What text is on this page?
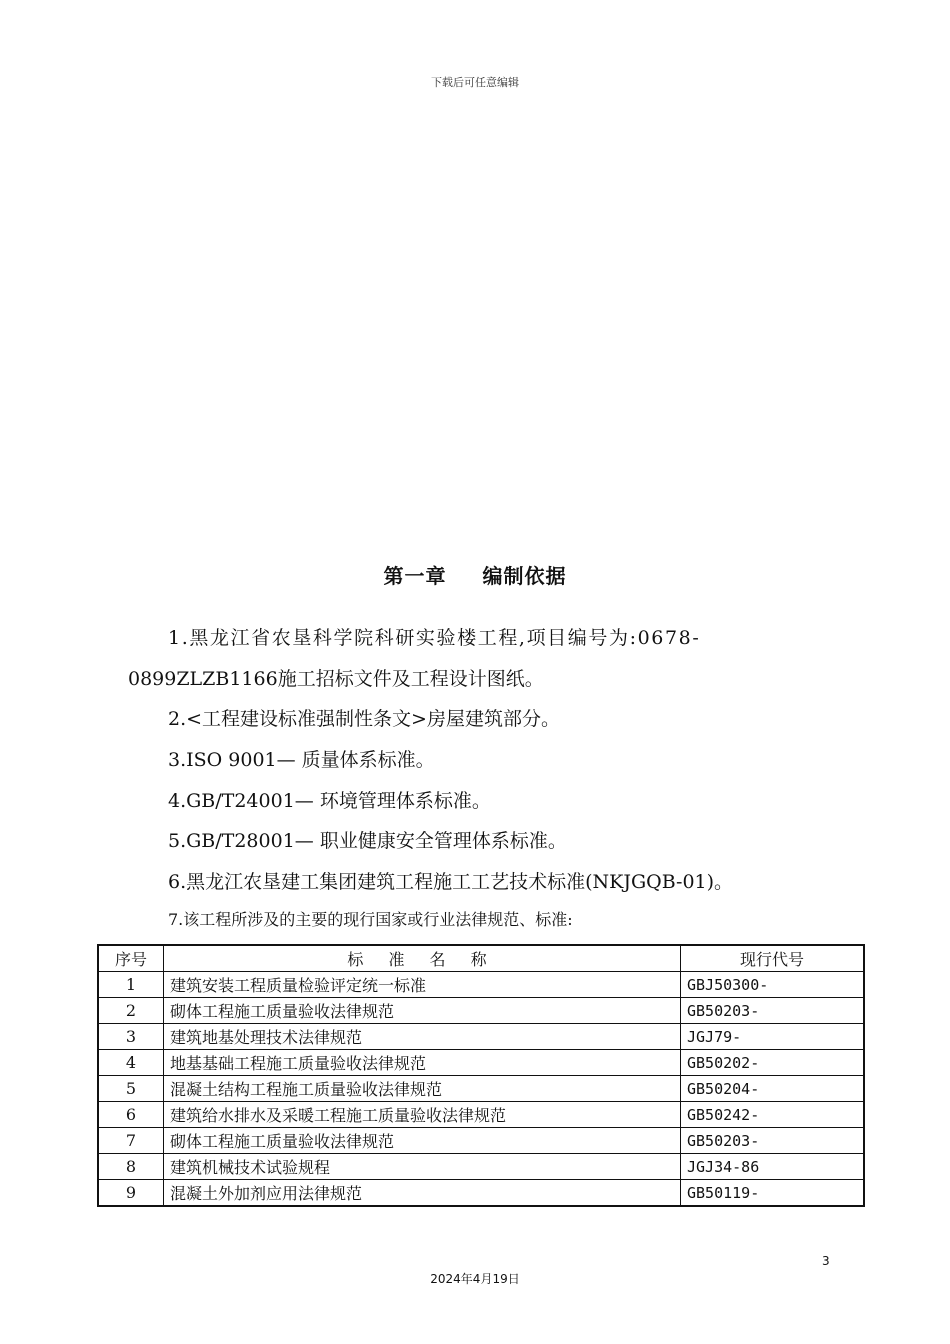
下载后可任意编辑
第一章 编制依据
1.黑龙江省农垦科学院科研实验楼工程,项目编号为:0678-
0899ZLZB1166施工招标文件及工程设计图纸。
2.<工程建设标准强制性条文>房屋建筑部分。
3.ISO 9001— 质量体系标准。
4.GB/T24001— 环境管理体系标准。
5.GB/T28001— 职业健康安全管理体系标准。
6.黑龙江农垦建工集团建筑工程施工工艺技术标准(NKJGQB-01)。
7.该工程所涉及的主要的现行国家或行业法律规范、标准:
序号	标 准 名 称	现行代号
1	建筑安装工程质量检验评定统一标准	GBJ50300-
2	砌体工程施工质量验收法律规范	GB50203-
3	建筑地基处理技术法律规范	JGJ79-
4	地基基础工程施工质量验收法律规范	GB50202-
5	混凝土结构工程施工质量验收法律规范	GB50204-
6	建筑给水排水及采暖工程施工质量验收法律规范	GB50242-
7	砌体工程施工质量验收法律规范	GB50203-
8	建筑机械技术试验规程	JGJ34-86
9	混凝土外加剂应用法律规范	GB50119-
3
2024年4月19日
